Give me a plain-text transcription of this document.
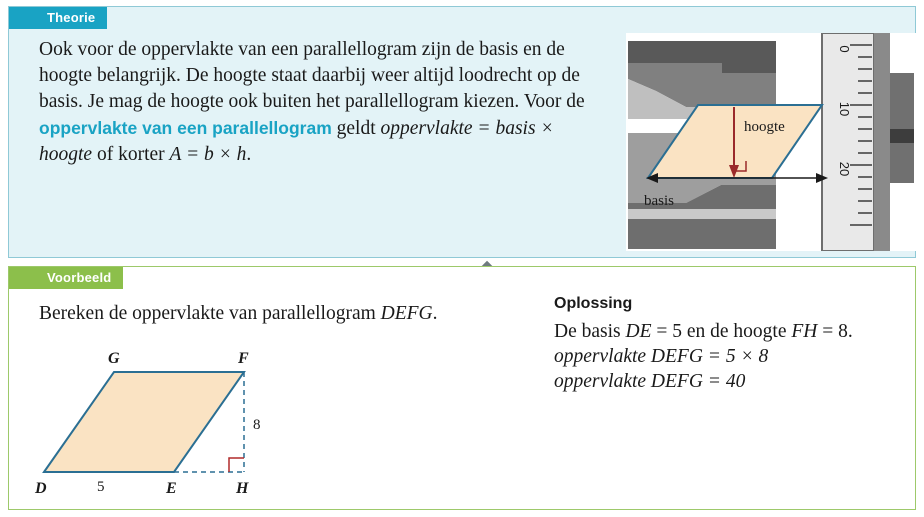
Theorie
Ook voor de oppervlakte van een parallellogram zijn de basis en de hoogte belangrijk. De hoogte staat daarbij weer altijd loodrecht op de basis. Je mag de hoogte ook buiten het parallellogram kiezen. Voor de oppervlakte van een parallellogram geldt oppervlakte = basis × hoogte of korter A = b × h.
0
10
20
hoogte
basis
Voorbeeld
Bereken de oppervlakte van parallellogram DEFG.
G	F
D	E	H
5
8
Oplossing
De basis DE = 5 en de hoogte FH = 8.
oppervlakte DEFG = 5 × 8
oppervlakte DEFG = 40
